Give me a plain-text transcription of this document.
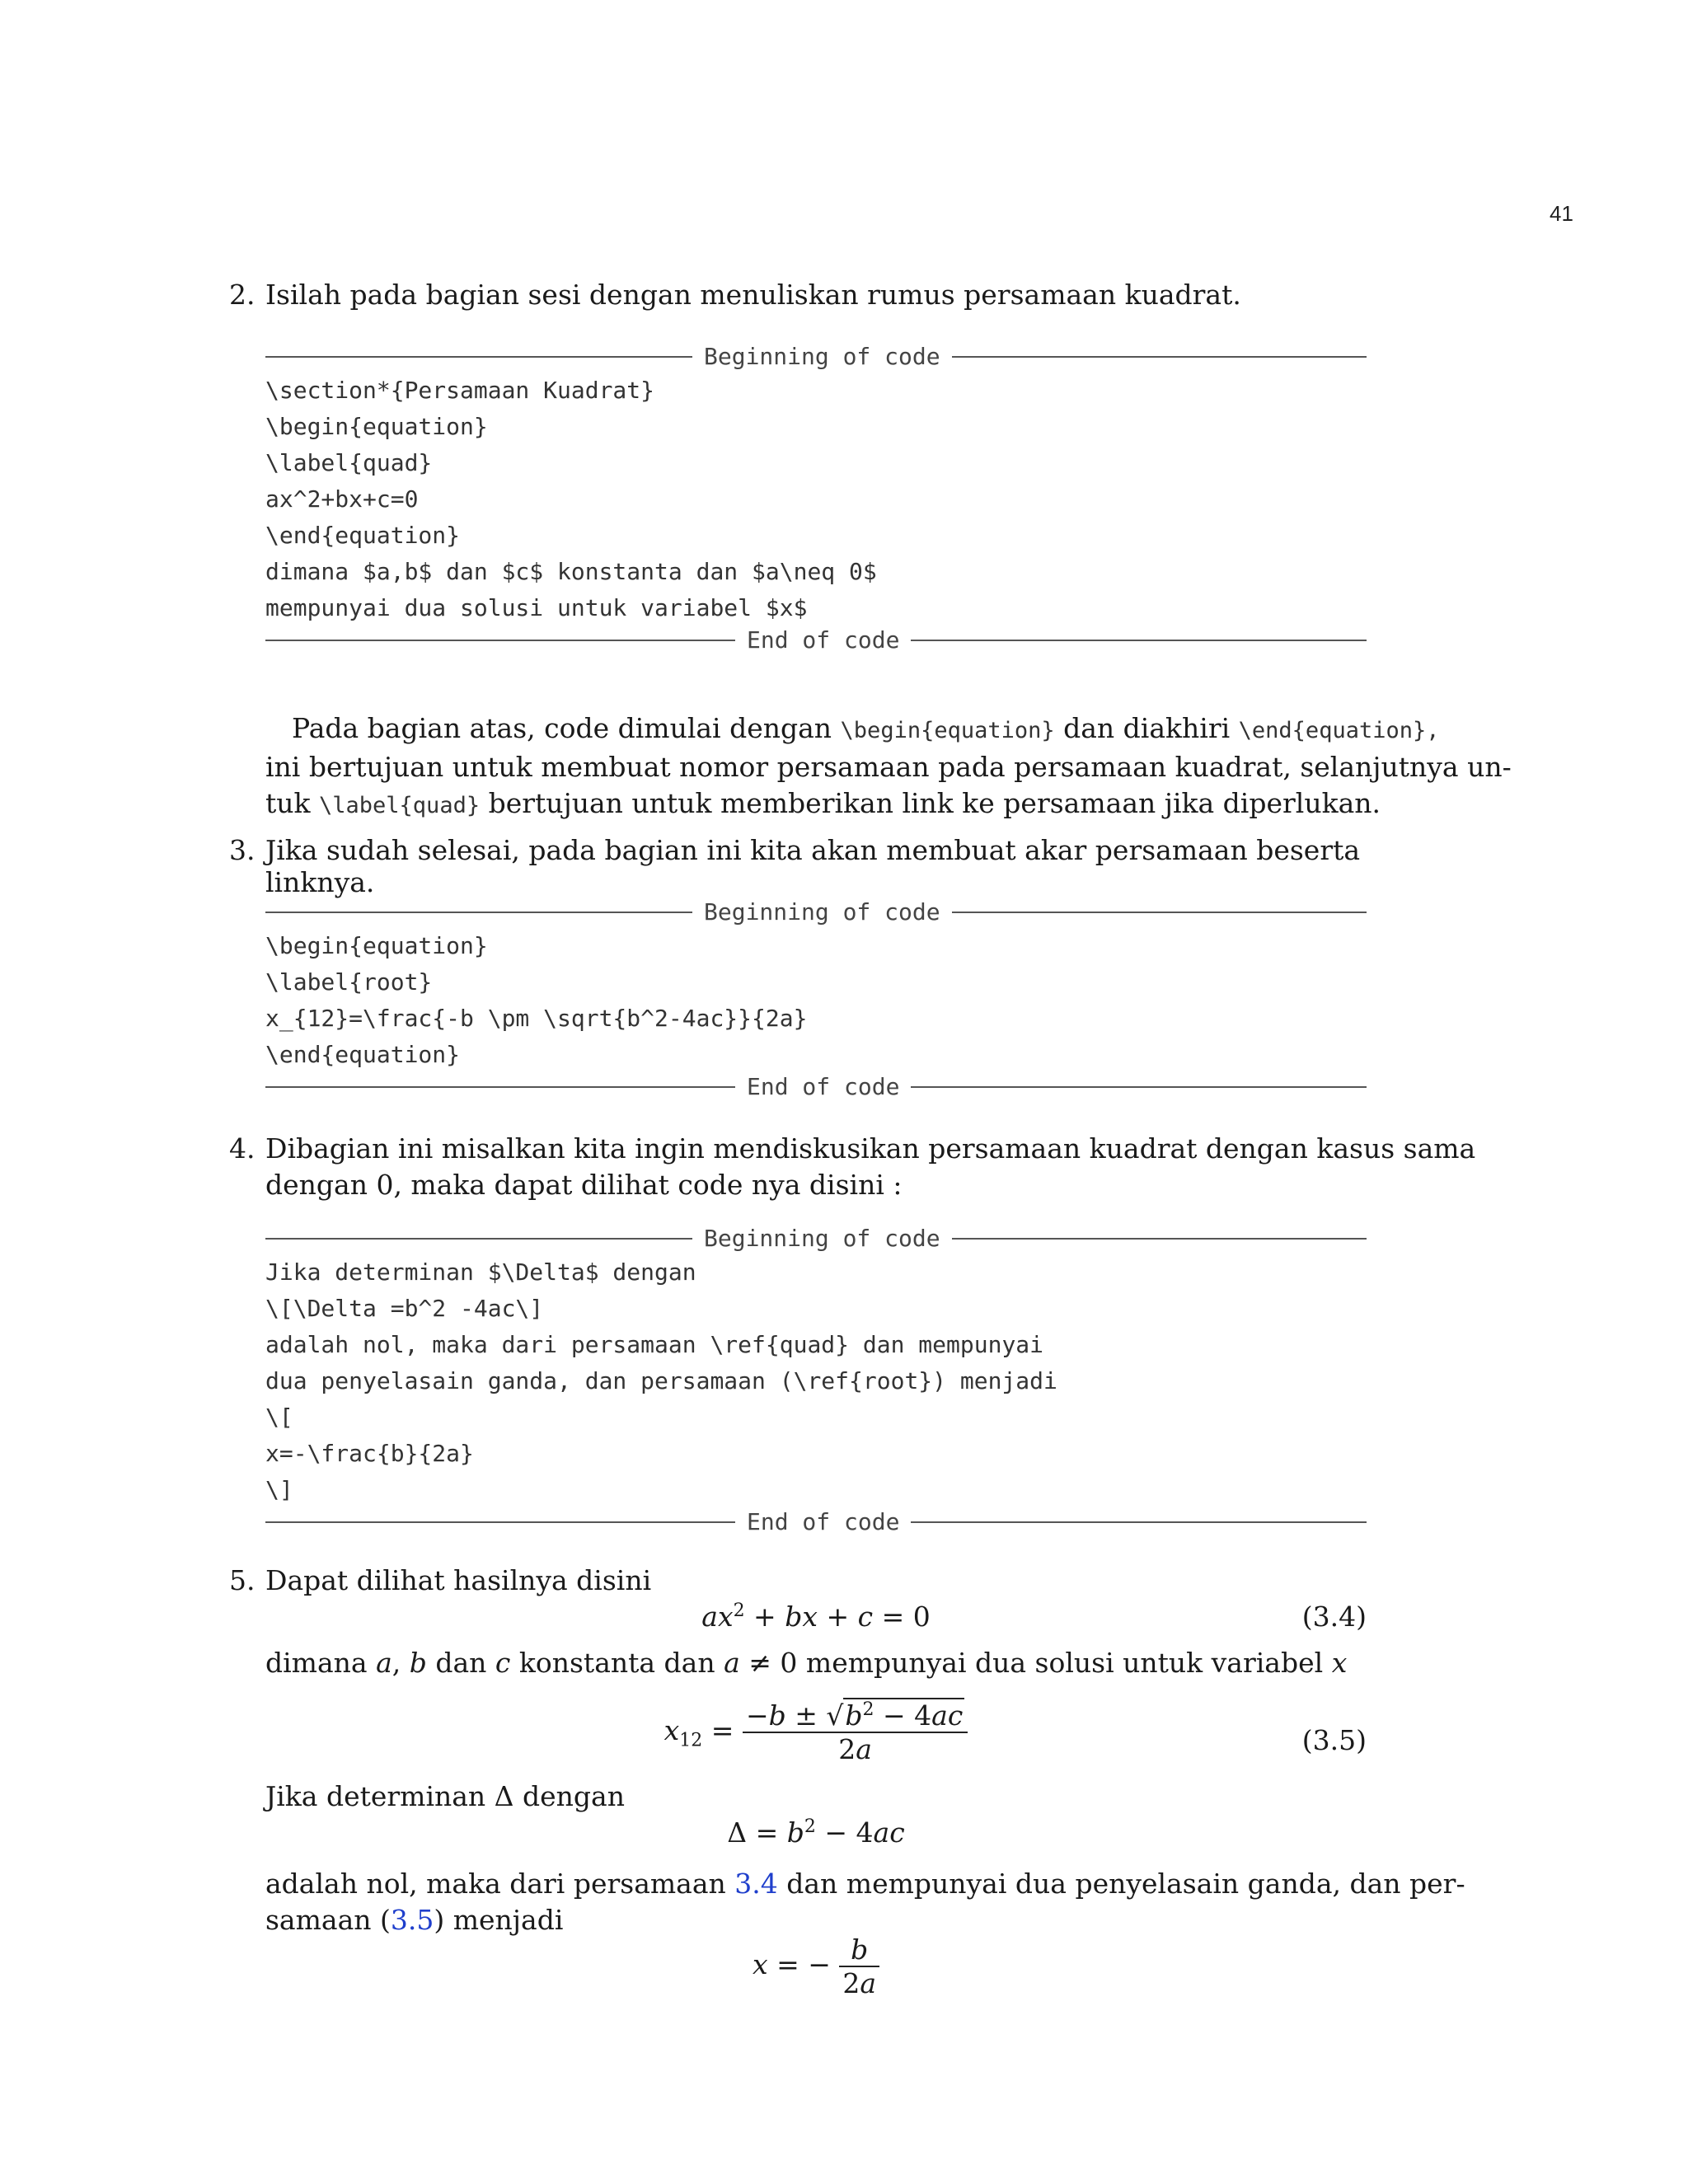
41
2. Isilah pada bagian sesi dengan menuliskan rumus persamaan kuadrat.
Beginning of code
\section*{Persamaan Kuadrat}
\begin{equation}
\label{quad}
ax^2+bx+c=0
\end{equation}
dimana $a,b$ dan $c$ konstanta dan $a\neq 0$
mempunyai dua solusi untuk variabel $x$
End of code
Pada bagian atas, code dimulai dengan \begin{equation} dan diakhiri \end{equation},
ini bertujuan untuk membuat nomor persamaan pada persamaan kuadrat, selanjutnya un-
tuk \label{quad} bertujuan untuk memberikan link ke persamaan jika diperlukan.
3. Jika sudah selesai, pada bagian ini kita akan membuat akar persamaan beserta linknya.
Beginning of code
\begin{equation}
\label{root}
x_{12}=\frac{-b \pm \sqrt{b^2-4ac}}{2a}
\end{equation}
End of code
4. Dibagian ini misalkan kita ingin mendiskusikan persamaan kuadrat dengan kasus sama
dengan 0, maka dapat dilihat code nya disini :
Beginning of code
Jika determinan $\Delta$ dengan
\[\Delta =b^2 -4ac\]
adalah nol, maka dari persamaan \ref{quad} dan mempunyai
dua penyelasain ganda, dan persamaan (\ref{root}) menjadi
\[
x=-\frac{b}{2a}
\]
End of code
5. Dapat dilihat hasilnya disini
$ax^2$ + bx + c = 0	(3.4)
dimana a, b dan c konstanta dan a ≠ 0 mempunyai dua solusi untuk variabel x
$x_{12} = \frac{-b \pm √b^2 - 4ac}{2a}$	(3.5)
Jika determinan Δ dengan
$\Delta = b^2 - 4ac$
adalah nol, maka dari persamaan 3.4 dan mempunyai dua penyelasain ganda, dan per-
samaan (3.5) menjadi
x = − $\frac{b}{2a}$
